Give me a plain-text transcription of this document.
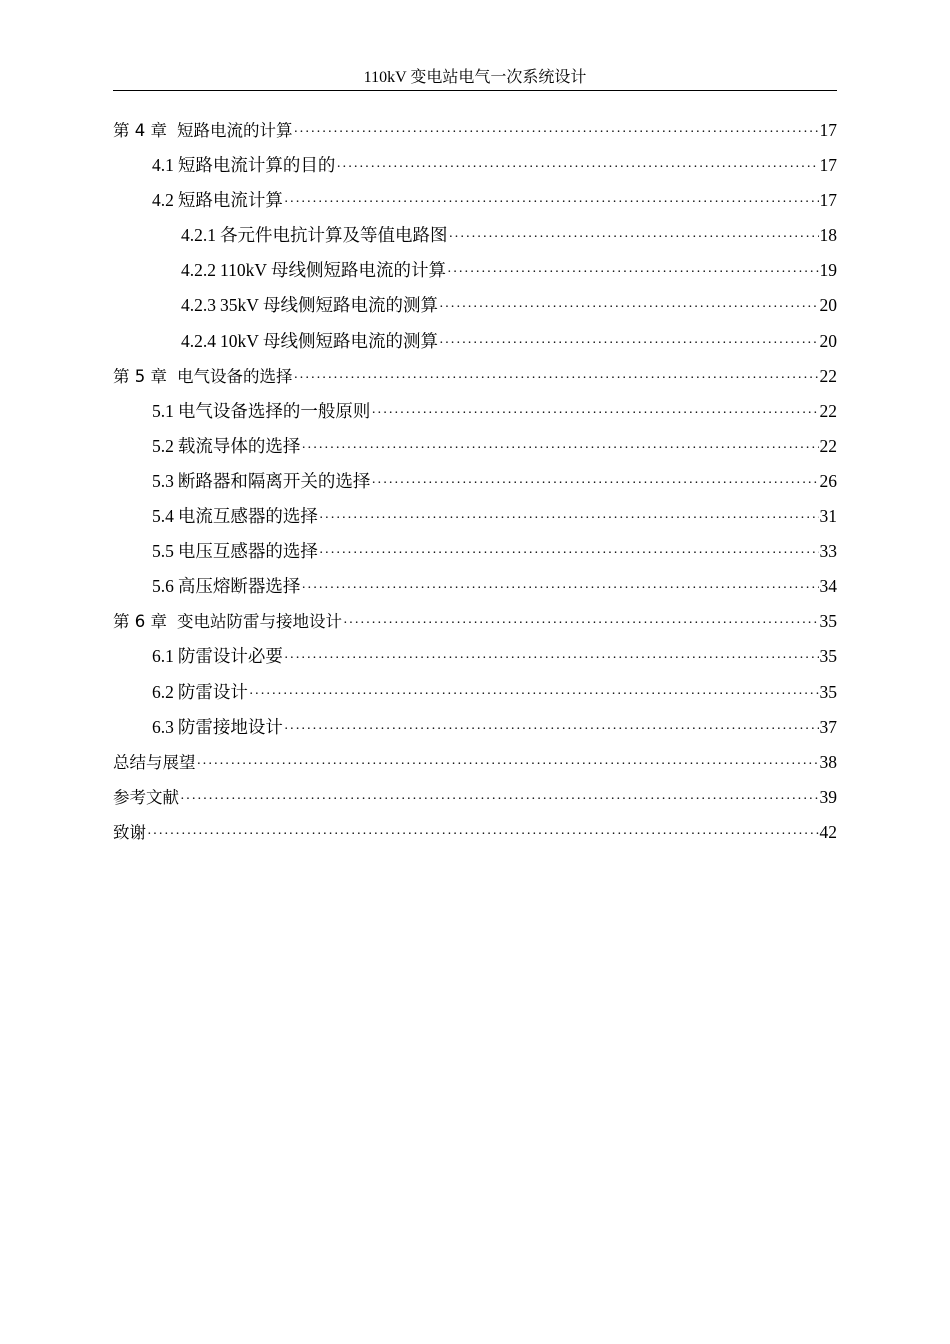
110kV 变电站电气一次系统设计
第 4 章 短路电流的计算 ·····	17
4.1 短路电流计算的目的 ·····	17
4.2 短路电流计算 ·····	17
4.2.1 各元件电抗计算及等值电路图 ·····	18
4.2.2 110kV 母线侧短路电流的计算 ·····	19
4.2.3 35kV 母线侧短路电流的测算 ·····	20
4.2.4 10kV 母线侧短路电流的测算 ·····	20
第 5 章 电气设备的选择 ·····	22
5.1 电气设备选择的一般原则 ·····	22
5.2 载流导体的选择 ·····	22
5.3 断路器和隔离开关的选择 ·····	26
5.4 电流互感器的选择 ·····	31
5.5 电压互感器的选择 ·····	33
5.6 高压熔断器选择 ·····	34
第 6 章 变电站防雷与接地设计 ·····	35
6.1 防雷设计必要 ·····	35
6.2 防雷设计 ·····	35
6.3 防雷接地设计 ·····	37
总结与展望 ·····	38
参考文献 ·····	39
致谢 ·····	42
